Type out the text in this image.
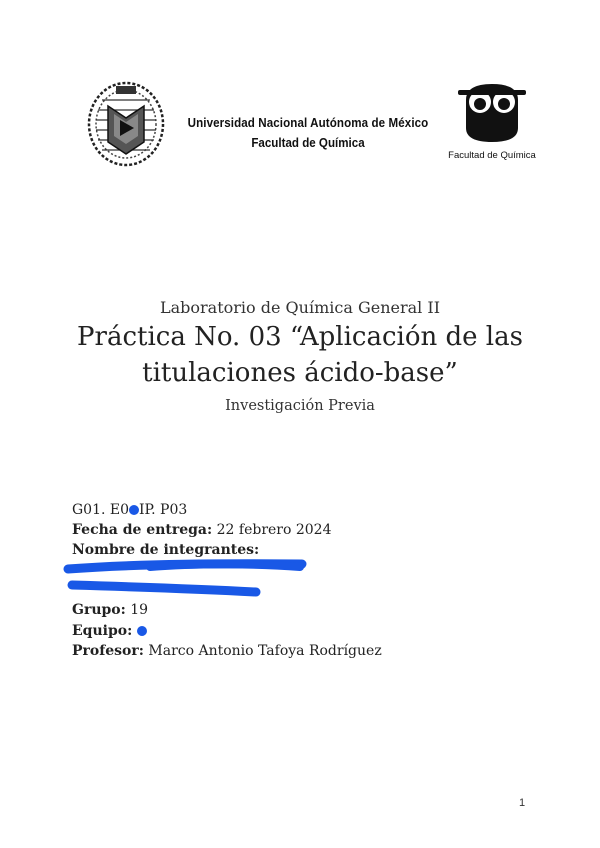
Universidad Nacional Autónoma de México
Facultad de Química
Facultad de Química
Laboratorio de Química General II
Práctica No. 03 “Aplicación de las
titulaciones ácido-base”
Investigación Previa
G01. E0 IP. P03
Fecha de entrega: 22 febrero 2024
Nombre de integrantes:
Grupo: 19
Equipo:
Profesor: Marco Antonio Tafoya Rodríguez
1
